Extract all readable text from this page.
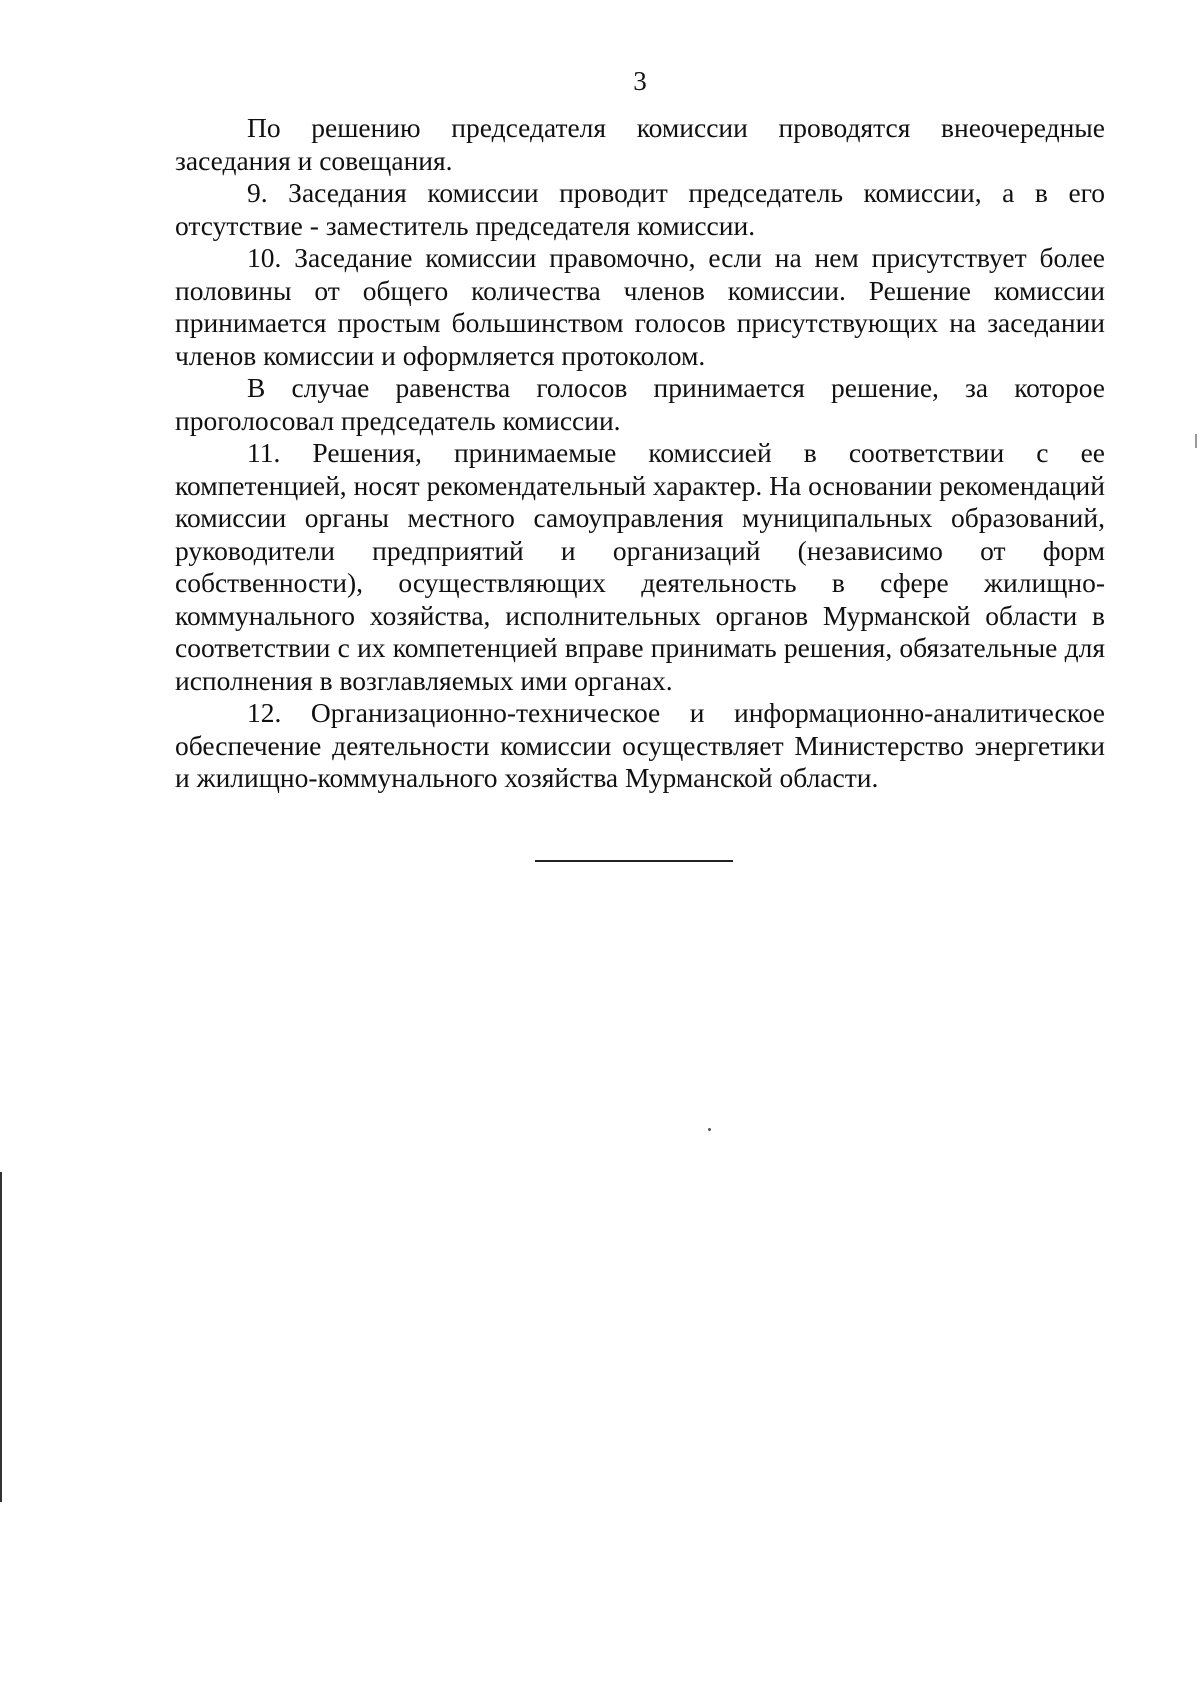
3

По решению председателя комиссии проводятся внеочередные заседания и совещания.

9. Заседания комиссии проводит председатель комиссии, а в его отсутствие - заместитель председателя комиссии.

10. Заседание комиссии правомочно, если на нем присутствует более половины от общего количества членов комиссии. Решение комиссии принимается простым большинством голосов присутствующих на заседании членов комиссии и оформляется протоколом.

В случае равенства голосов принимается решение, за которое проголосовал председатель комиссии.

11. Решения, принимаемые комиссией в соответствии с ее компетенцией, носят рекомендательный характер. На основании рекомендаций комиссии органы местного самоуправления муниципальных образований, руководители предприятий и организаций (независимо от форм собственности), осуществляющих деятельность в сфере жилищно-коммунального хозяйства, исполнительных органов Мурманской области в соответствии с их компетенцией вправе принимать решения, обязательные для исполнения в возглавляемых ими органах.

12. Организационно-техническое и информационно-аналитическое обеспечение деятельности комиссии осуществляет Министерство энергетики и жилищно-коммунального хозяйства Мурманской области.
